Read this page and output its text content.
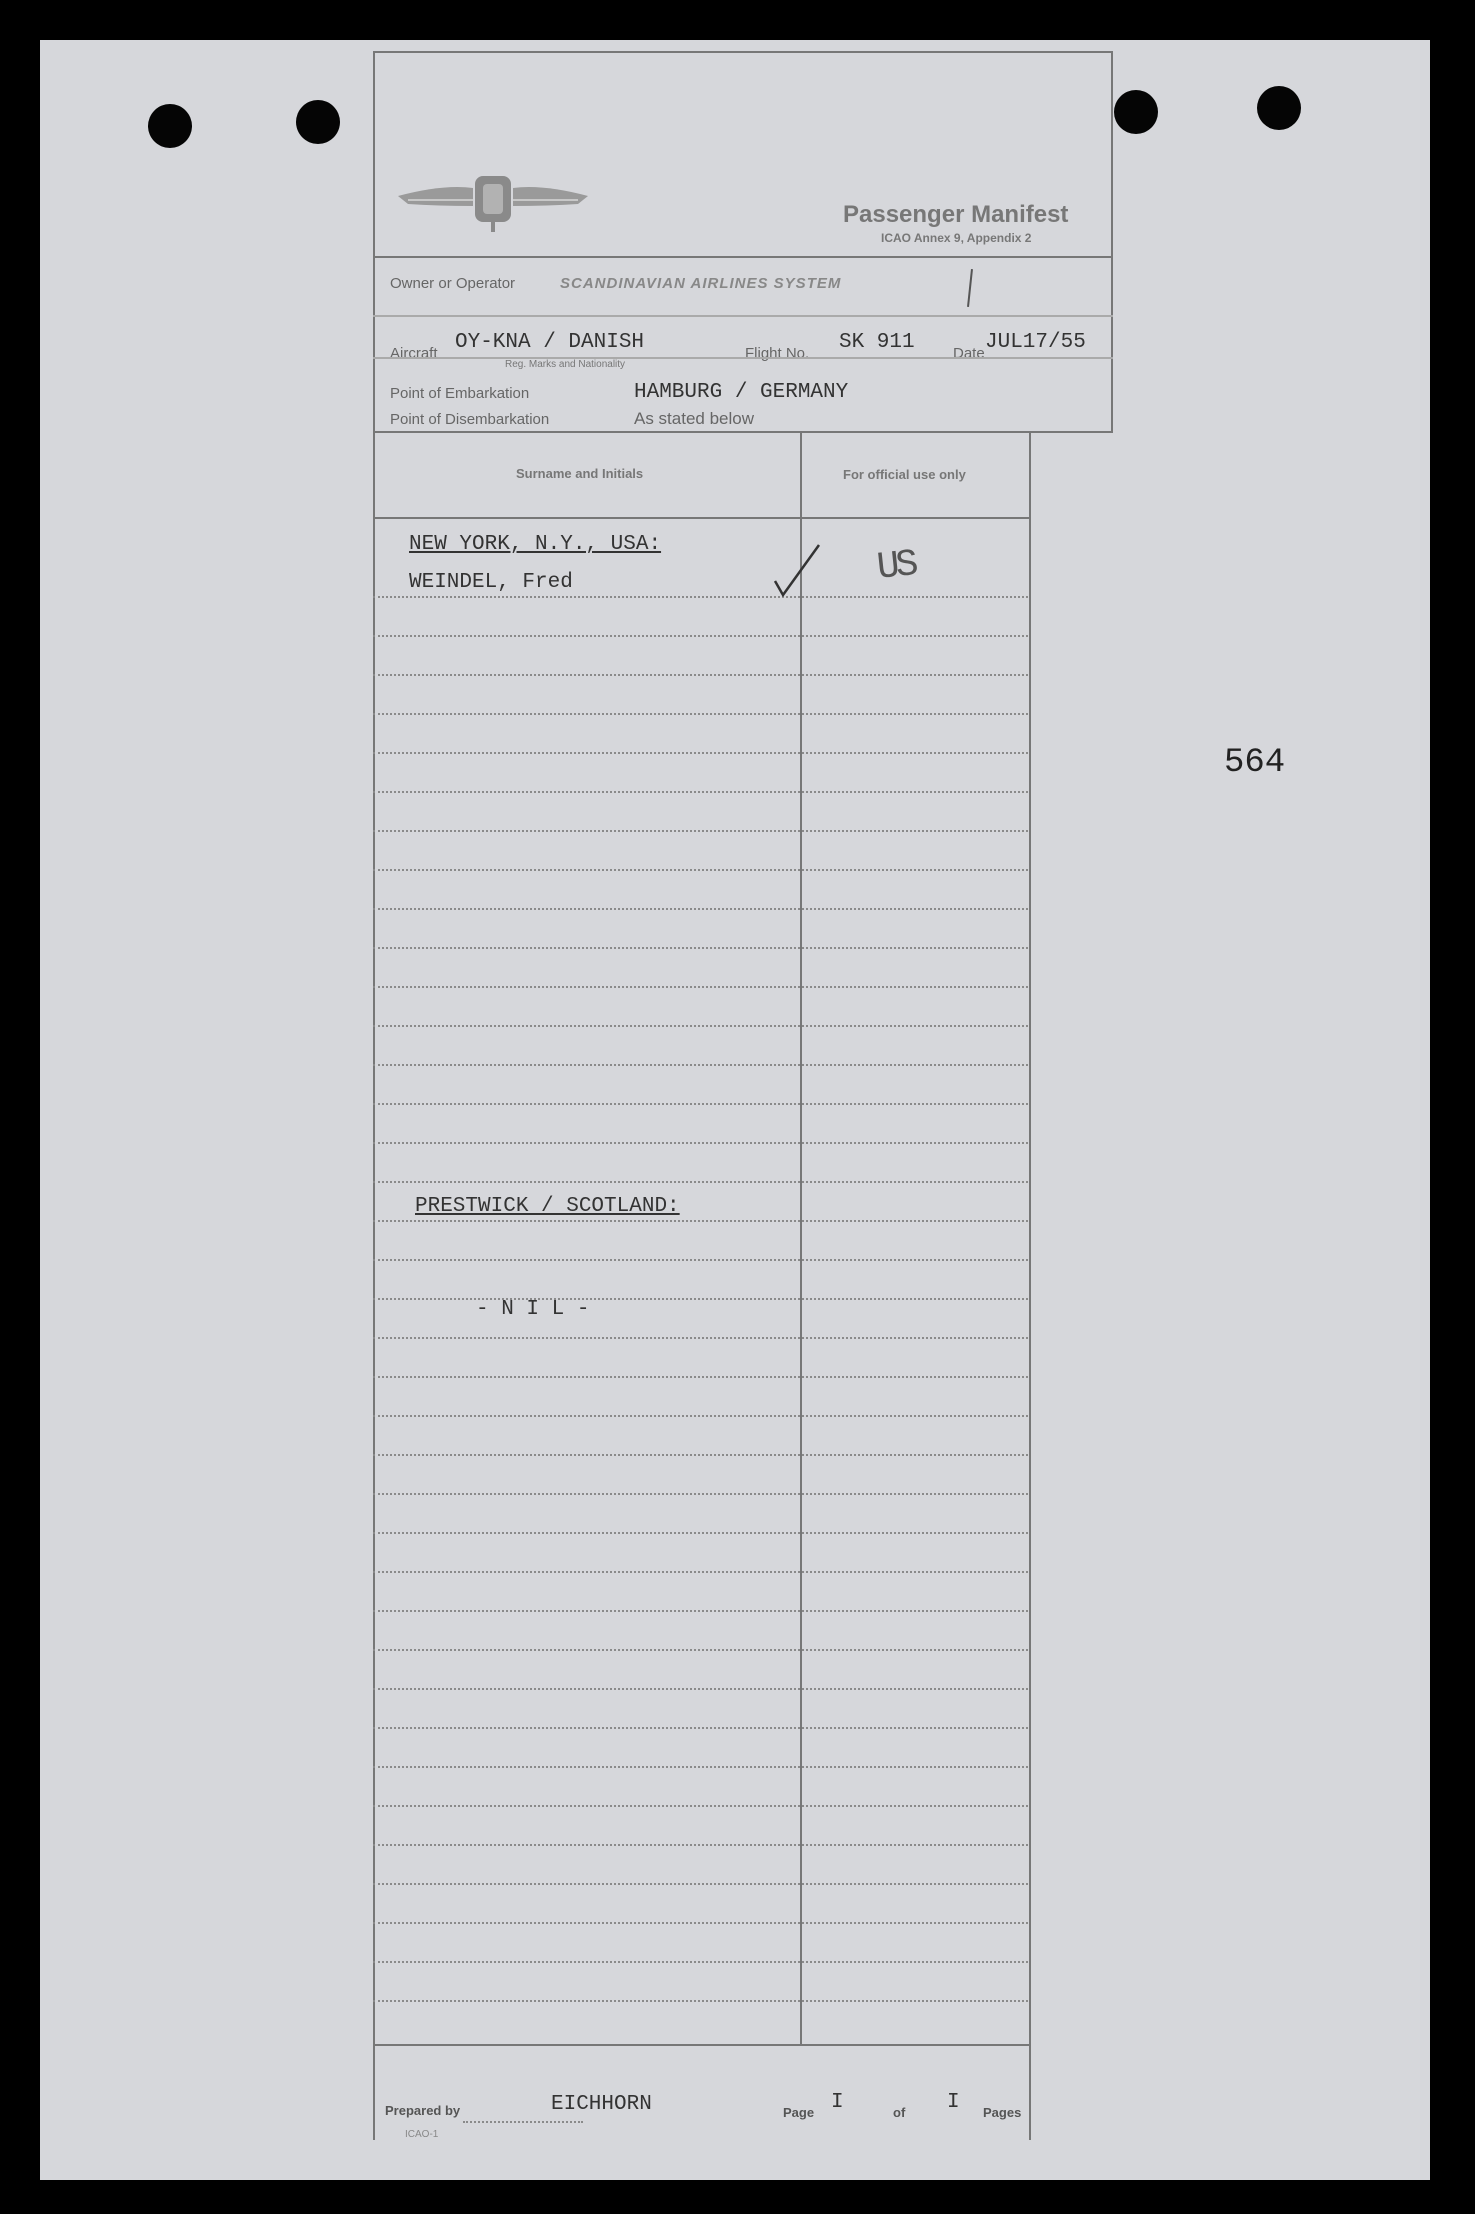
564
Passenger Manifest
ICAO Annex 9, Appendix 2
Owner or Operator	SCANDINAVIAN AIRLINES SYSTEM
Aircraft OY-KNA / DANISH
Reg. Marks and Nationality
Flight No. SK 911	Date JUL17/55
Point of Embarkation	HAMBURG / GERMANY
Point of Disembarkation	As stated below
Surname and Initials	For official use only
NEW YORK, N.Y., USA:
WEINDEL, Fred	US
PRESTWICK / SCOTLAND:
- N I L -
Prepared by	EICHHORN	Page I	of I Pages
ICAO-1
